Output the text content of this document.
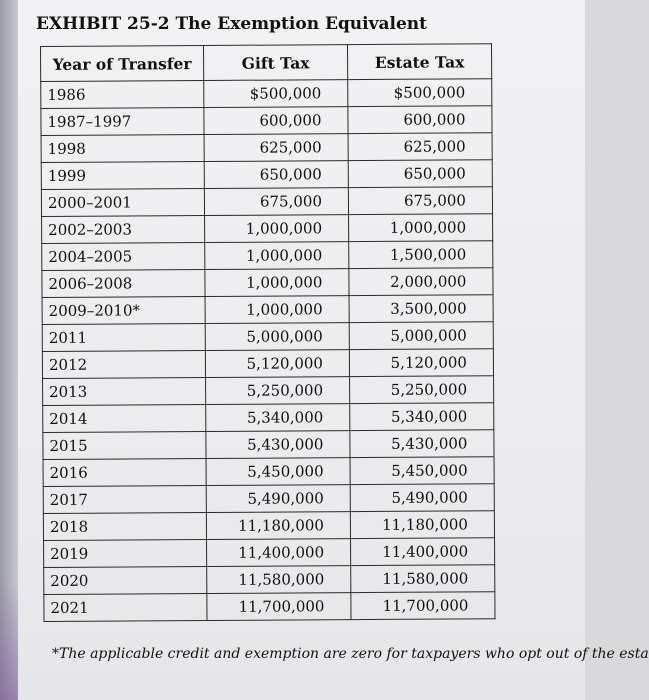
EXHIBIT 25-2 The Exemption Equivalent
Year of Transfer	Gift Tax	Estate Tax
1986	$500,000	$500,000
1987–1997	600,000	600,000
1998	625,000	625,000
1999	650,000	650,000
2000–2001	675,000	675,000
2002–2003	1,000,000	1,000,000
2004–2005	1,000,000	1,500,000
2006–2008	1,000,000	2,000,000
2009–2010*	1,000,000	3,500,000
2011	5,000,000	5,000,000
2012	5,120,000	5,120,000
2013	5,250,000	5,250,000
2014	5,340,000	5,340,000
2015	5,430,000	5,430,000
2016	5,450,000	5,450,000
2017	5,490,000	5,490,000
2018	11,180,000	11,180,000
2019	11,400,000	11,400,000
2020	11,580,000	11,580,000
2021	11,700,000	11,700,000
*The applicable credit and exemption are zero for taxpayers who opt out of the esta
